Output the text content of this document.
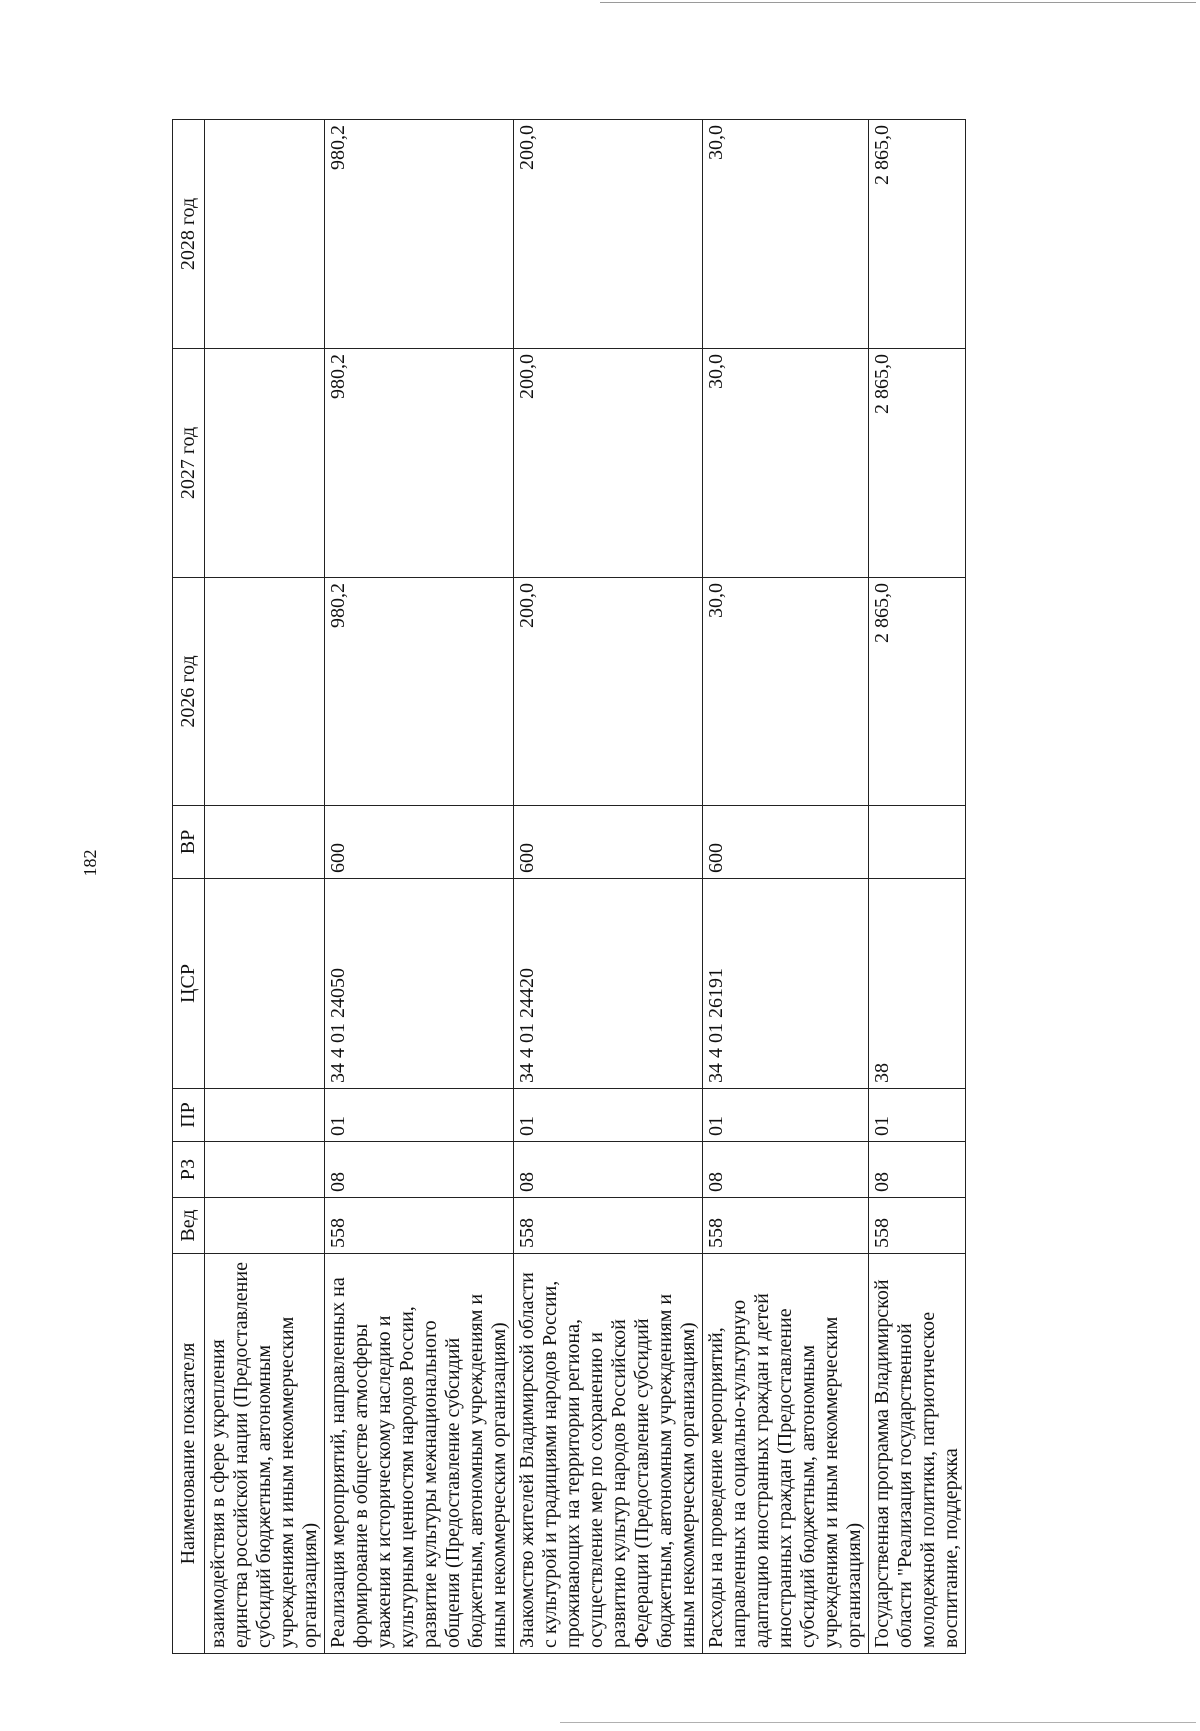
182
Наименование показателя	Вед	РЗ	ПР	ЦСР	ВР	2026 год	2027 год	2028 год
взаимодействия в сфере укрепления единства российской нации (Предоставление субсидий бюджетным, автономным учреждениям и иным некоммерческим организациям)								
Реализация мероприятий, направленных на формирование в обществе атмосферы уважения к историческому наследию и культурным ценностям народов России, развитие культуры межнационального общения (Предоставление субсидий бюджетным, автономным учреждениям и иным некоммерческим организациям)	558	08	01	34 4 01 24050	600	980,2	980,2	980,2
Знакомство жителей Владимирской области с культурой и традициями народов России, проживающих на территории региона, осуществление мер по сохранению и развитию культур народов Российской Федерации (Предоставление субсидий бюджетным, автономным учреждениям и иным некоммерческим организациям)	558	08	01	34 4 01 24420	600	200,0	200,0	200,0
Расходы на проведение мероприятий, направленных на социально-культурную адаптацию иностранных граждан и детей иностранных граждан (Предоставление субсидий бюджетным, автономным учреждениям и иным некоммерческим организациям)	558	08	01	34 4 01 26191	600	30,0	30,0	30,0
Государственная программа Владимирской области "Реализация государственной молодежной политики, патриотическое воспитание, поддержка	558	08	01	38		2 865,0	2 865,0	2 865,0
